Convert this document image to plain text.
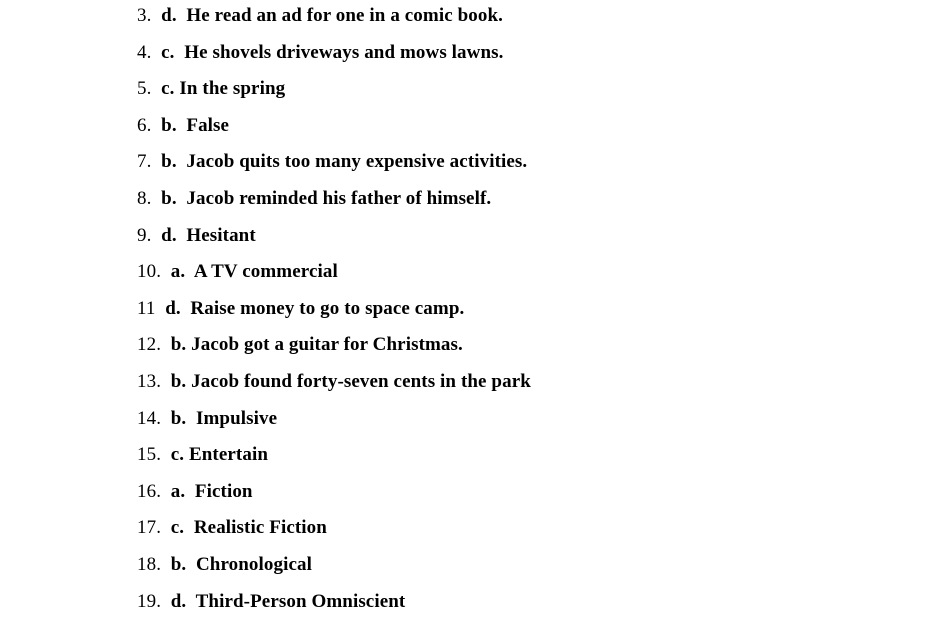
3.  d.  He read an ad for one in a comic book.
4.  c.  He shovels driveways and mows lawns.
5.  c. In the spring
6.  b.  False
7.  b.  Jacob quits too many expensive activities.
8.  b.  Jacob reminded his father of himself.
9.  d.  Hesitant
10.  a.  A TV commercial
11  d.  Raise money to go to space camp.
12.  b. Jacob got a guitar for Christmas.
13.  b. Jacob found forty-seven cents in the park
14.  b.  Impulsive
15.  c. Entertain
16.  a.  Fiction
17.  c.  Realistic Fiction
18.  b.  Chronological
19.  d.  Third-Person Omniscient
